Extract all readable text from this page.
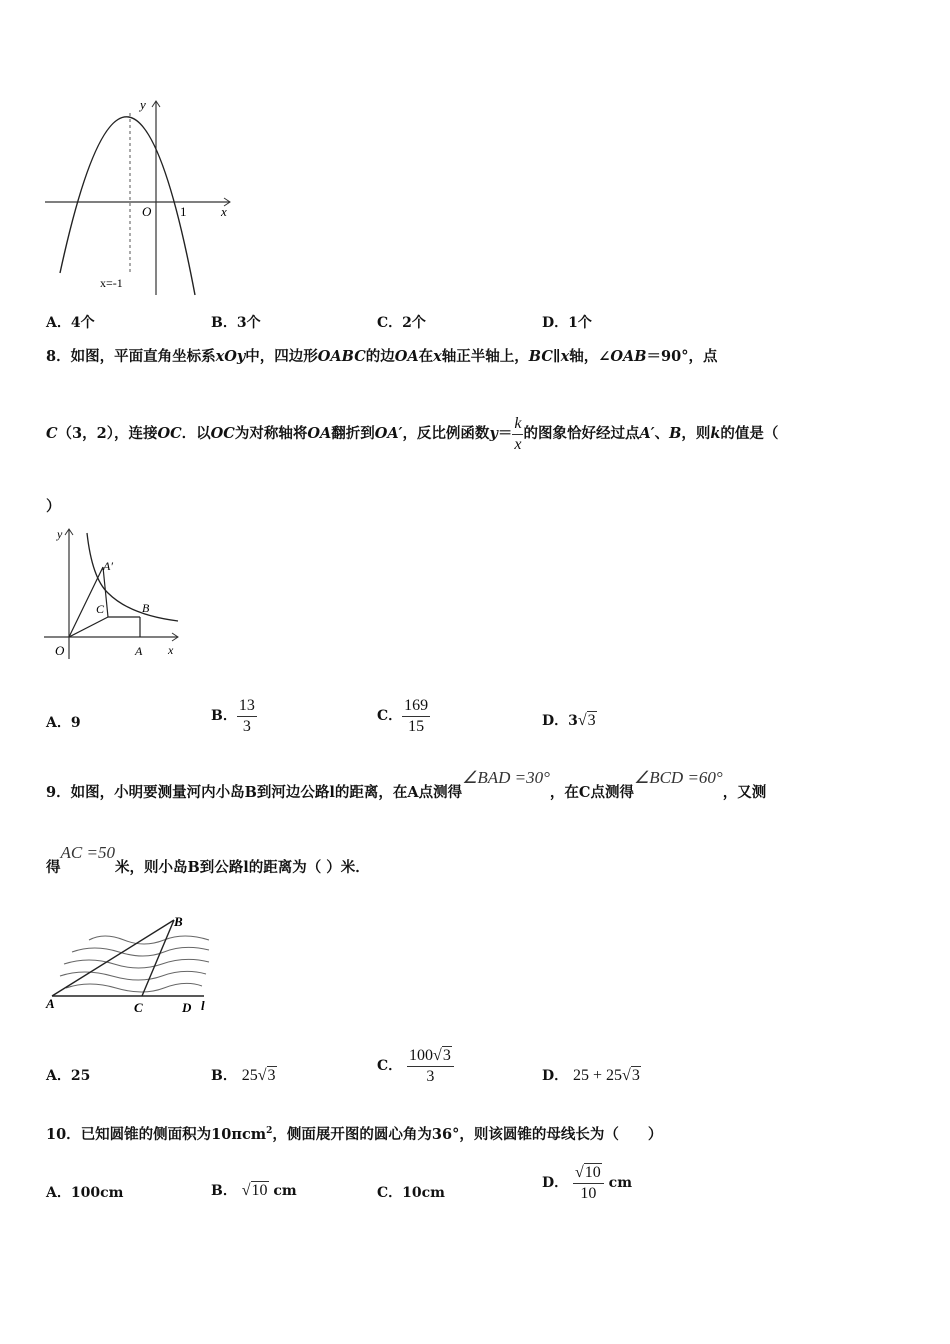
y
x
O 1
x=-1
A．4个	B．3个	C．2个	D．1个
8．如图，平面直角坐标系xOy中，四边形OABC的边OA在x轴正半轴上，BC∥x轴，∠OAB＝90°，点
C（3，2），连接OC．以OC为对称轴将OA翻折到OA′，反比例函数$y= \frac{k}{x}$ 的图象恰好经过点A′、B，则k的值是（
）
y
x
O	A
A′
B
C
A．9	B． $\frac{13}{3}$	C． $\frac{169}{15}$	D．3√3
9．如图，小明要测量河内小岛B到河边公路l的距离，在A点测得∠BAD =30°，在C点测得∠BCD =60°，又测
得AC =50米，则小岛B到公路l的距离为（ ）米．
A
B
C	D l
A．25	B． 25√3
C． $\frac{100√3}{3}$	D． 25 + 25√3
10．已知圆锥的侧面积为10πcm$^2$，侧面展开图的圆心角为36°，则该圆锥的母线长为（　　）
A．100cm	B． √10 cm	C．10cm
D． $\frac{√10}{10}$ cm
